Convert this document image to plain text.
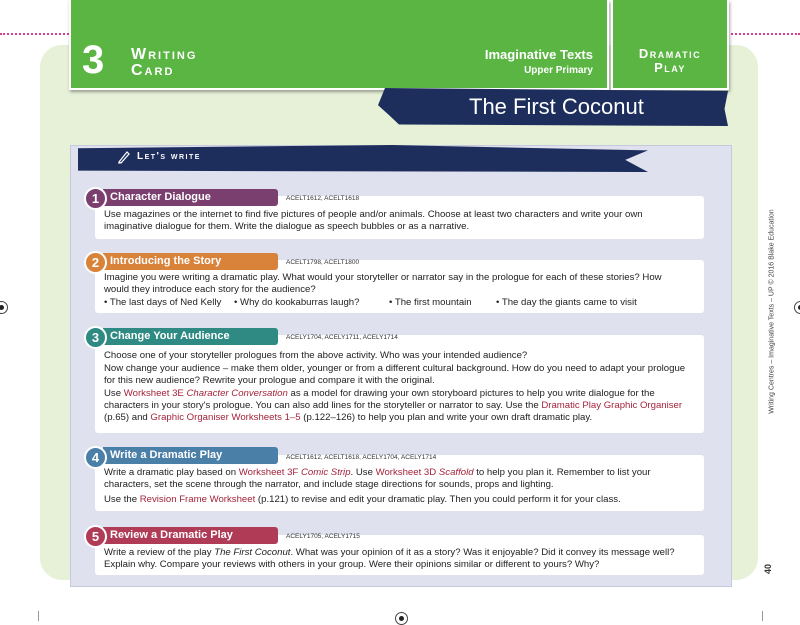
3 Writing
Card
Imaginative Texts
Upper Primary
Dramatic
Play
The First Coconut
Let's write
Character Dialogue
1	ACELT1612, ACELT1618
Use magazines or the internet to find five pictures of people and/or animals. Choose at least two characters and write your own imaginative dialogue for them. Write the dialogue as speech bubbles or as a narrative.
Introducing the Story
2	ACELT1798, ACELT1800

Imagine you were writing a dramatic play. What would your storyteller or narrator say in the prologue for each of these stories? How would they introduce each story for the audience?

• The last days of Ned Kelly	• Why do kookaburras laugh?	• The first mountain	• The day the giants came to visit
Change Your Audience
3	ACELY1704, ACELY1711, ACELY1714

Choose one of your storyteller prologues from the above activity. Who was your intended audience?

Now change your audience – make them older, younger or from a different cultural background. How do you need to adapt your prologue for this new audience? Rewrite your prologue and compare it with the original.

Use Worksheet 3E Character Conversation as a model for drawing your own storyboard pictures to help you write dialogue for the characters in your story's prologue. You can also add lines for the storyteller or narrator to say. Use the Dramatic Play Graphic Organiser (p.65) and Graphic Organiser Worksheets 1–5 (p.122–126) to help you plan and write your own draft dramatic play.

Write a Dramatic Play
4	ACELT1612, ACELT1618, ACELY1704, ACELY1714

Write a dramatic play based on Worksheet 3F Comic Strip. Use Worksheet 3D Scaffold to help you plan it. Remember to list your characters, set the scene through the narrator, and include stage directions for sounds, props and lighting.

Use the Revision Frame Worksheet (p.121) to revise and edit your dramatic play. Then you could perform it for your class.

Review a Dramatic Play
5	ACELY1705, ACELY1715

Write a review of the play The First Coconut. What was your opinion of it as a story? Was it enjoyable? Did it convey its message well? Explain why. Compare your reviews with others in your group. Were their opinions similar or different to yours? Why?

Writing Centres – Imaginative Texts – UP © 2016 Blake Education
40
